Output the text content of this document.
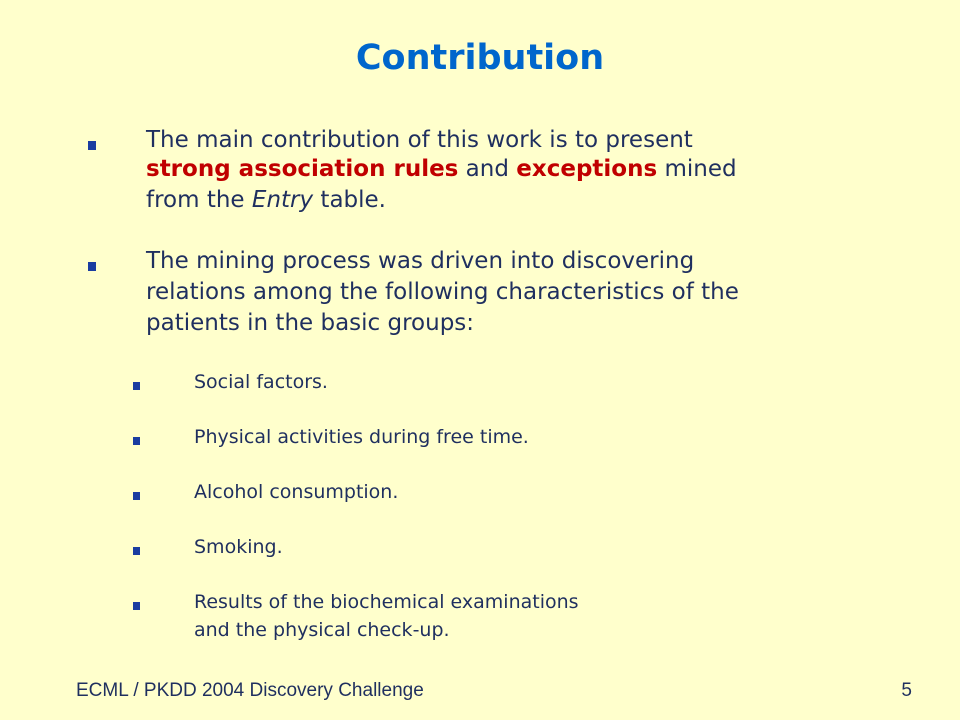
Contribution
The main contribution of this work is to present
strong association rules and exceptions mined
from the Entry table.
The mining process was driven into discovering
relations among the following characteristics of the
patients in the basic groups:
Social factors.
Physical activities during free time.
Alcohol consumption.
Smoking.
Results of the biochemical examinations
and the physical check-up.
ECML / PKDD 2004 Discovery Challenge	5
